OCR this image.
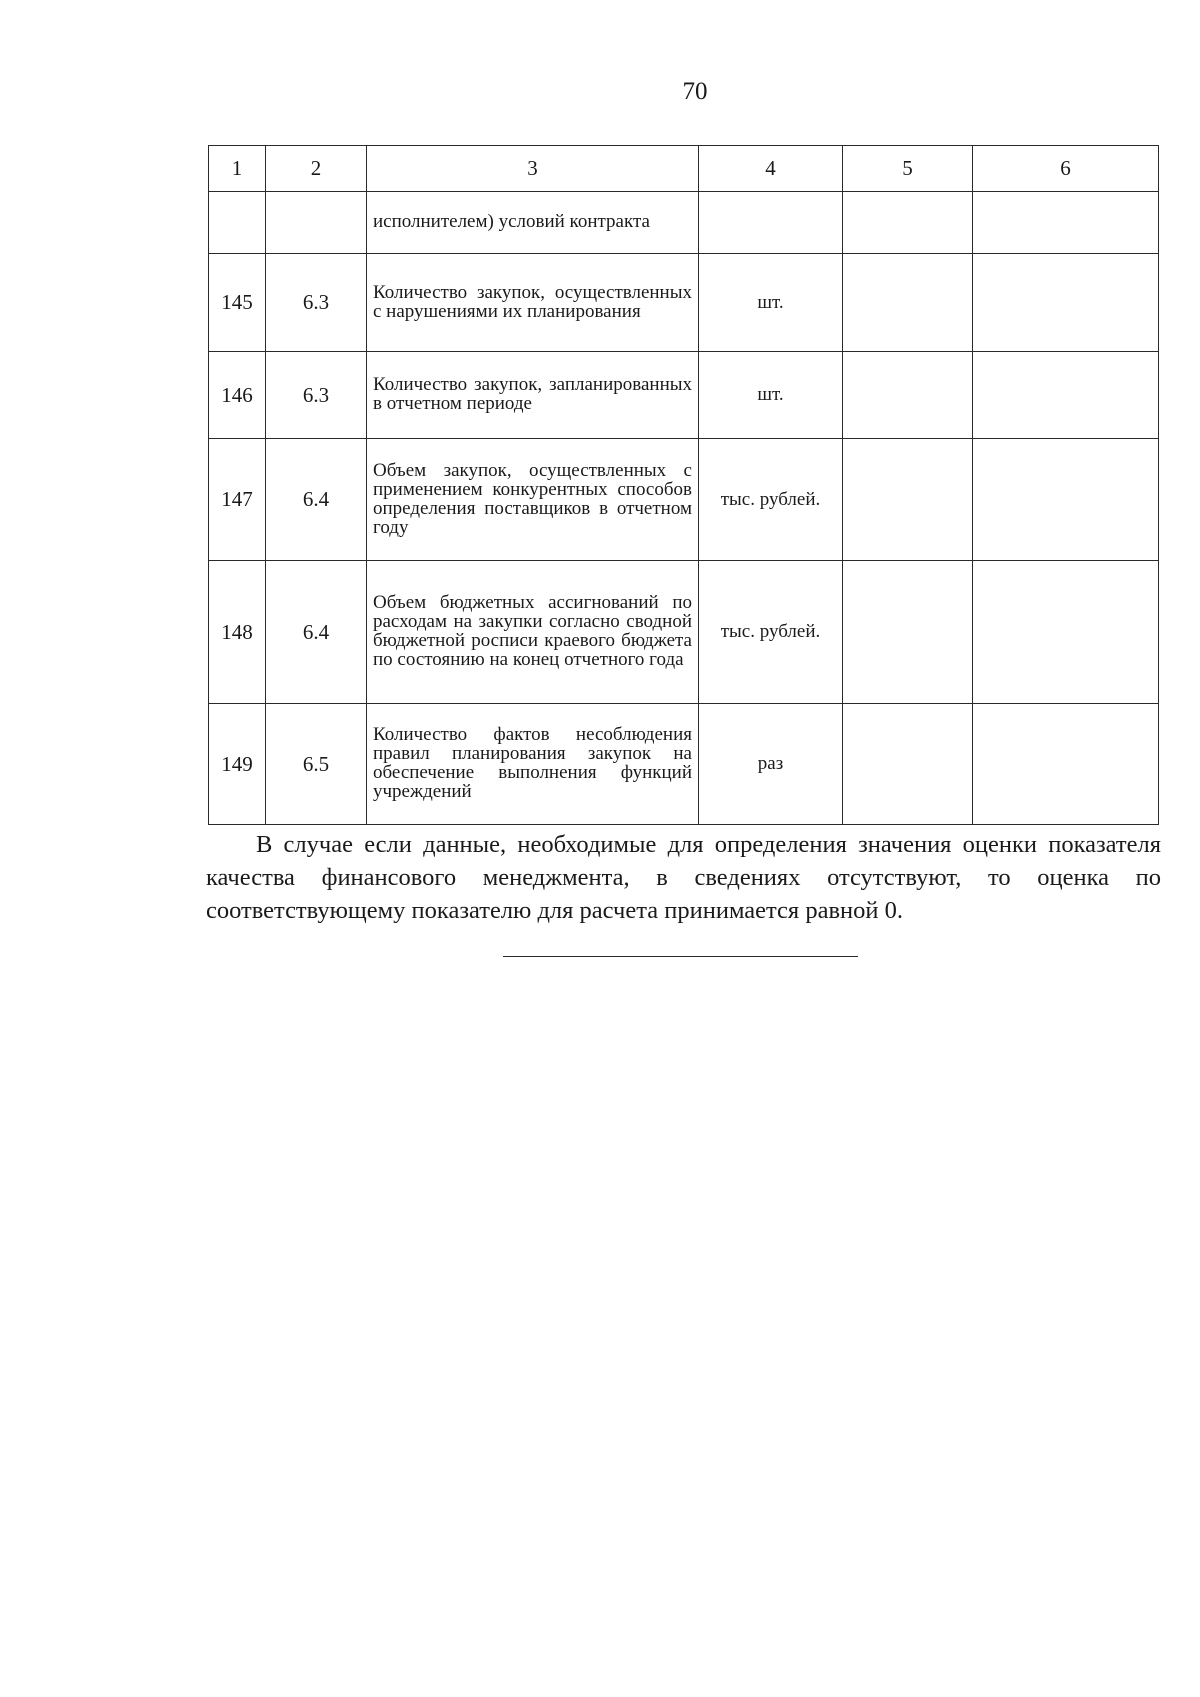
70
1	2	3	4	5	6
		исполнителем) условий контракта			
145	6.3	Количество закупок, осуществленных с нарушениями их планирования	шт.		
146	6.3	Количество закупок, запланированных в отчетном периоде	шт.		
147	6.4	Объем закупок, осуществленных с применением конкурентных способов определения поставщиков в отчетном году	тыс. рублей.		
148	6.4	Объем бюджетных ассигнований по расходам на закупки согласно сводной бюджетной росписи краевого бюджета по состоянию на конец отчетного года	тыс. рублей.		
149	6.5	Количество фактов несоблюдения правил планирования закупок на обеспечение выполнения функций учреждений	раз		

В случае если данные, необходимые для определения значения оценки показателя качества финансового менеджмента, в сведениях отсутствуют, то оценка по соответствующему показателю для расчета принимается равной 0.
